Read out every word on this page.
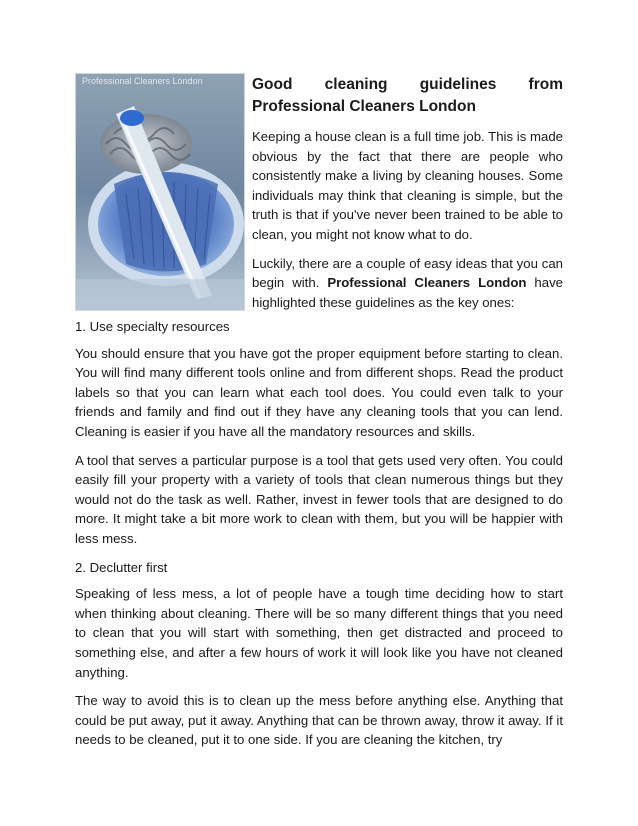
Professional Cleaners London	Good cleaning guidelines from Professional Cleaners London

Keeping a house clean is a full time job. This is made obvious by the fact that there are people who consistently make a living by cleaning houses. Some individuals may think that cleaning is simple, but the truth is that if you've never been trained to be able to clean, you might not know what to do.

Luckily, there are a couple of easy ideas that you can begin with. Professional Cleaners London have highlighted these guidelines as the key ones:

1. Use specialty resources

You should ensure that you have got the proper equipment before starting to clean. You will find many different tools online and from different shops. Read the product labels so that you can learn what each tool does. You could even talk to your friends and family and find out if they have any cleaning tools that you can lend. Cleaning is easier if you have all the mandatory resources and skills.

A tool that serves a particular purpose is a tool that gets used very often. You could easily fill your property with a variety of tools that clean numerous things but they would not do the task as well. Rather, invest in fewer tools that are designed to do more. It might take a bit more work to clean with them, but you will be happier with less mess.

2. Declutter first

Speaking of less mess, a lot of people have a tough time deciding how to start when thinking about cleaning. There will be so many different things that you need to clean that you will start with something, then get distracted and proceed to something else, and after a few hours of work it will look like you have not cleaned anything.

The way to avoid this is to clean up the mess before anything else. Anything that could be put away, put it away. Anything that can be thrown away, throw it away. If it needs to be cleaned, put it to one side. If you are cleaning the kitchen, try
